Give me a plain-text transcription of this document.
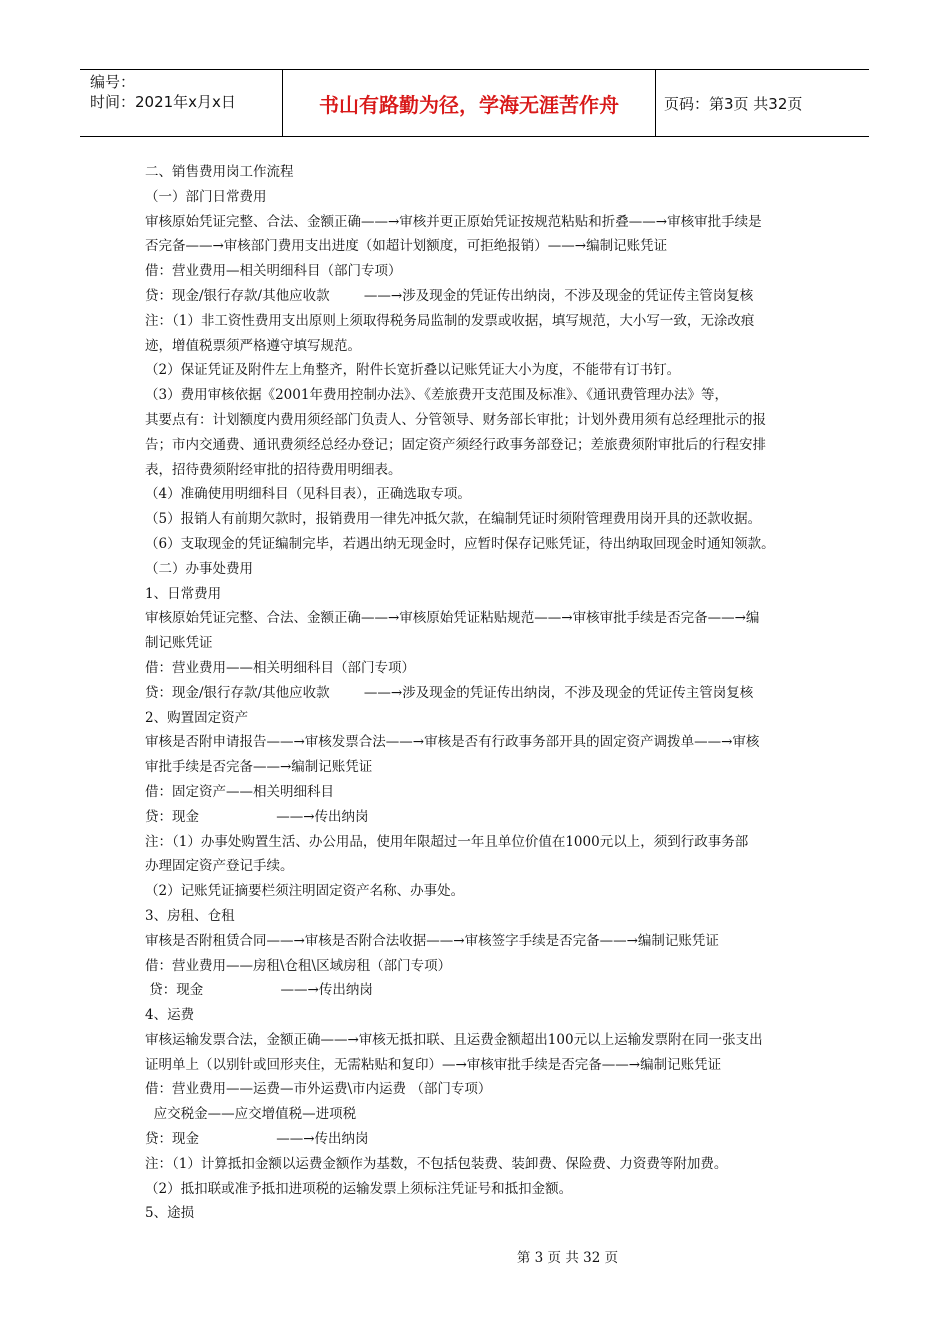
编号：
时间：2021年x月x日	书山有路勤为径，学海无涯苦作舟	页码：第3页 共32页
二、销售费用岗工作流程
（一）部门日常费用
审核原始凭证完整、合法、金额正确——→审核并更正原始凭证按规范粘贴和折叠——→审核审批手续是
否完备——→审核部门费用支出进度（如超计划额度，可拒绝报销）——→编制记账凭证
借：营业费用—相关明细科目（部门专项）
贷：现金/银行存款/其他应收款        ——→涉及现金的凭证传出纳岗，不涉及现金的凭证传主管岗复核
注：（1）非工资性费用支出原则上须取得税务局监制的发票或收据，填写规范，大小写一致，无涂改痕
迹，增值税票须严格遵守填写规范。
（2）保证凭证及附件左上角整齐，附件长宽折叠以记账凭证大小为度，不能带有订书钉。
（3）费用审核依据《2001年费用控制办法》、《差旅费开支范围及标准》、《通讯费管理办法》等，
其要点有：计划额度内费用须经部门负责人、分管领导、财务部长审批；计划外费用须有总经理批示的报
告；市内交通费、通讯费须经总经办登记；固定资产须经行政事务部登记；差旅费须附审批后的行程安排
表，招待费须附经审批的招待费用明细表。
（4）准确使用明细科目（见科目表），正确选取专项。
（5）报销人有前期欠款时，报销费用一律先冲抵欠款，在编制凭证时须附管理费用岗开具的还款收据。
（6）支取现金的凭证编制完毕，若遇出纳无现金时，应暂时保存记账凭证，待出纳取回现金时通知领款。
（二）办事处费用
1、日常费用
审核原始凭证完整、合法、金额正确——→审核原始凭证粘贴规范——→审核审批手续是否完备——→编
制记账凭证
借：营业费用——相关明细科目（部门专项）
贷：现金/银行存款/其他应收款        ——→涉及现金的凭证传出纳岗，不涉及现金的凭证传主管岗复核
2、购置固定资产
审核是否附申请报告——→审核发票合法——→审核是否有行政事务部开具的固定资产调拨单——→审核
审批手续是否完备——→编制记账凭证
借：固定资产——相关明细科目
贷：现金                  ——→传出纳岗
注：（1）办事处购置生活、办公用品，使用年限超过一年且单位价值在1000元以上，须到行政事务部
办理固定资产登记手续。
（2）记账凭证摘要栏须注明固定资产名称、办事处。
3、房租、仓租
审核是否附租赁合同——→审核是否附合法收据——→审核签字手续是否完备——→编制记账凭证
借：营业费用——房租\仓租\区域房租（部门专项）
贷：现金                  ——→传出纳岗
4、运费
审核运输发票合法，金额正确——→审核无抵扣联、且运费金额超出100元以上运输发票附在同一张支出
证明单上（以别针或回形夹住，无需粘贴和复印）—→审核审批手续是否完备——→编制记账凭证
借：营业费用——运费—市外运费\市内运费 （部门专项）
应交税金——应交增值税—进项税
贷：现金                  ——→传出纳岗
注：（1）计算抵扣金额以运费金额作为基数，不包括包装费、装卸费、保险费、力资费等附加费。
（2）抵扣联或准予抵扣进项税的运输发票上须标注凭证号和抵扣金额。
5、途损
第 3 页 共 32 页
